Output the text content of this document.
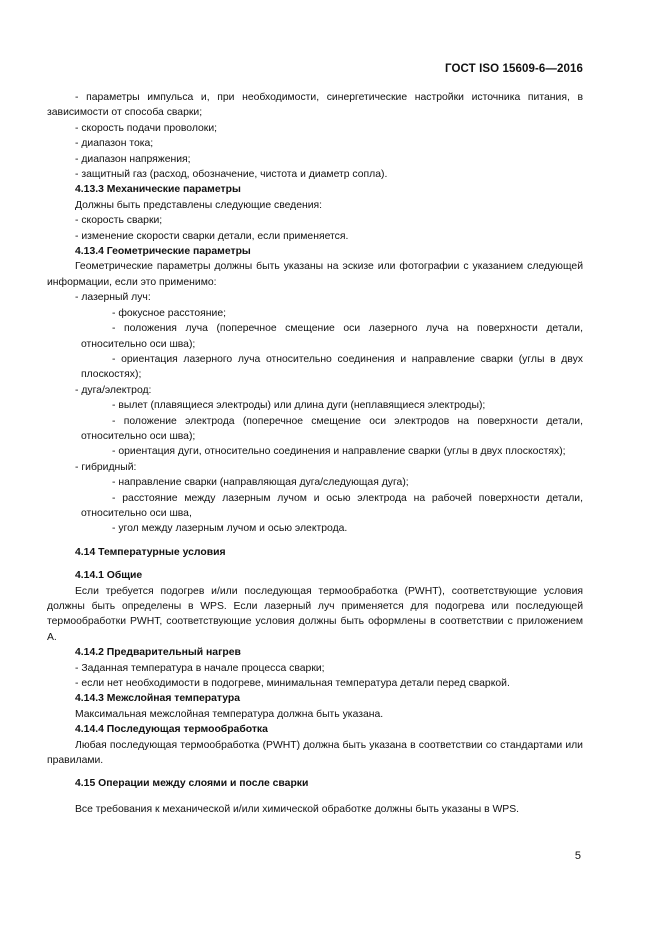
ГОСТ ISO 15609-6—2016

- параметры импульса и, при необходимости, синергетические настройки источника питания, в зависимости от способа сварки;

- скорость подачи проволоки;

- диапазон тока;

- диапазон напряжения;

- защитный газ (расход, обозначение, чистота и диаметр сопла).

4.13.3 Механические параметры

Должны быть представлены следующие сведения:

- скорость сварки;

- изменение скорости сварки детали, если применяется.

4.13.4 Геометрические параметры

Геометрические параметры должны быть указаны на эскизе или фотографии с указанием следующей информации, если это применимо:

- лазерный луч:

- фокусное расстояние;

- положения луча (поперечное смещение оси лазерного луча на поверхности детали, относительно оси шва);

- ориентация лазерного луча относительно соединения и направление сварки (углы в двух плоскостях);

- дуга/электрод:

- вылет (плавящиеся электроды) или длина дуги (неплавящиеся электроды);

- положение электрода (поперечное смещение оси электродов на поверхности детали, относительно оси шва);

- ориентация дуги, относительно соединения и направление сварки (углы в двух плоскостях);

- гибридный:

- направление сварки (направляющая дуга/следующая дуга);

- расстояние между лазерным лучом и осью электрода на рабочей поверхности детали, относительно оси шва,

- угол между лазерным лучом и осью электрода.

4.14 Температурные условия

4.14.1 Общие

Если требуется подогрев и/или последующая термообработка (PWHT), соответствующие условия должны быть определены в WPS. Если лазерный луч применяется для подогрева или последующей термообработки PWHT, соответствующие условия должны быть оформлены в соответствии с приложением А.

4.14.2 Предварительный нагрев

- Заданная температура в начале процесса сварки;

- если нет необходимости в подогреве, минимальная температура детали перед сваркой.

4.14.3 Межслойная температура

Максимальная межслойная температура должна быть указана.

4.14.4 Последующая термообработка

Любая последующая термообработка (PWHT) должна быть указана в соответствии со стандартами или правилами.

4.15 Операции между слоями и после сварки

Все требования к механической и/или химической обработке должны быть указаны в WPS.

5
